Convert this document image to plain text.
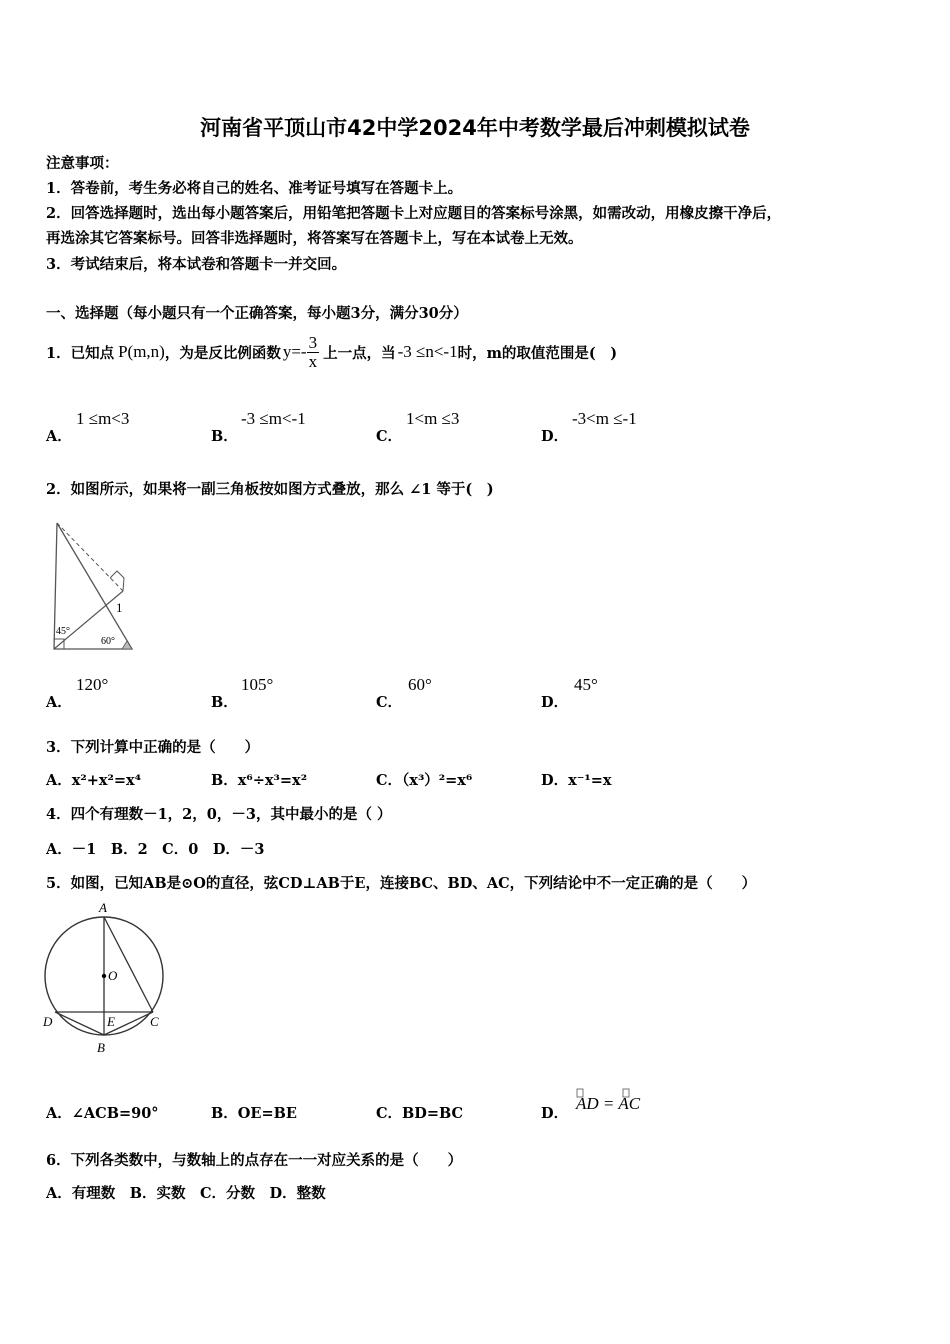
河南省平顶山市42中学2024年中考数学最后冲刺模拟试卷
注意事项：
1．答卷前，考生务必将自己的姓名、准考证号填写在答题卡上。
2．回答选择题时，选出每小题答案后，用铅笔把答题卡上对应题目的答案标号涂黑，如需改动，用橡皮擦干净后，
再选涂其它答案标号。回答非选择题时，将答案写在答题卡上，写在本试卷上无效。
3．考试结束后，将本试卷和答题卡一并交回。
一、选择题（每小题只有一个正确答案，每小题3分，满分30分）
1．已知点 P(m,n) ，为是反比例函数 $y=- \frac{3}{x}$ 上一点，当 -3 ≤n<-1 时，m的取值范围是(　)
A．
1 ≤m<3
B．
-3 ≤m<-1
C．
1<m ≤3
D．
-3<m ≤-1
2．如图所示，如果将一副三角板按如图方式叠放，那么 ∠1 等于(　)
1
45°
60°
A．
120°
B．
105°
C．
60°
D．
45°
3．下列计算中正确的是（　　）
A．x²+x²=x⁴	B．x⁶÷x³=x²	C．（x³）²=x⁶	D．x⁻¹=x
4．四个有理数－1，2，0，－3，其中最小的是（ ）
A．－1　B．2　C．0　D．－3
5．如图，已知AB是⊙O的直径，弦CD⊥AB于E，连接BC、BD、AC，下列结论中不一定正确的是（　　）
A
O
D	E	C
B
A．∠ACB=90°	B．OE=BE	C．BD=BC	D．
AD = AC
6．下列各类数中，与数轴上的点存在一一对应关系的是（　　）
A．有理数　B．实数　C．分数　D．整数
